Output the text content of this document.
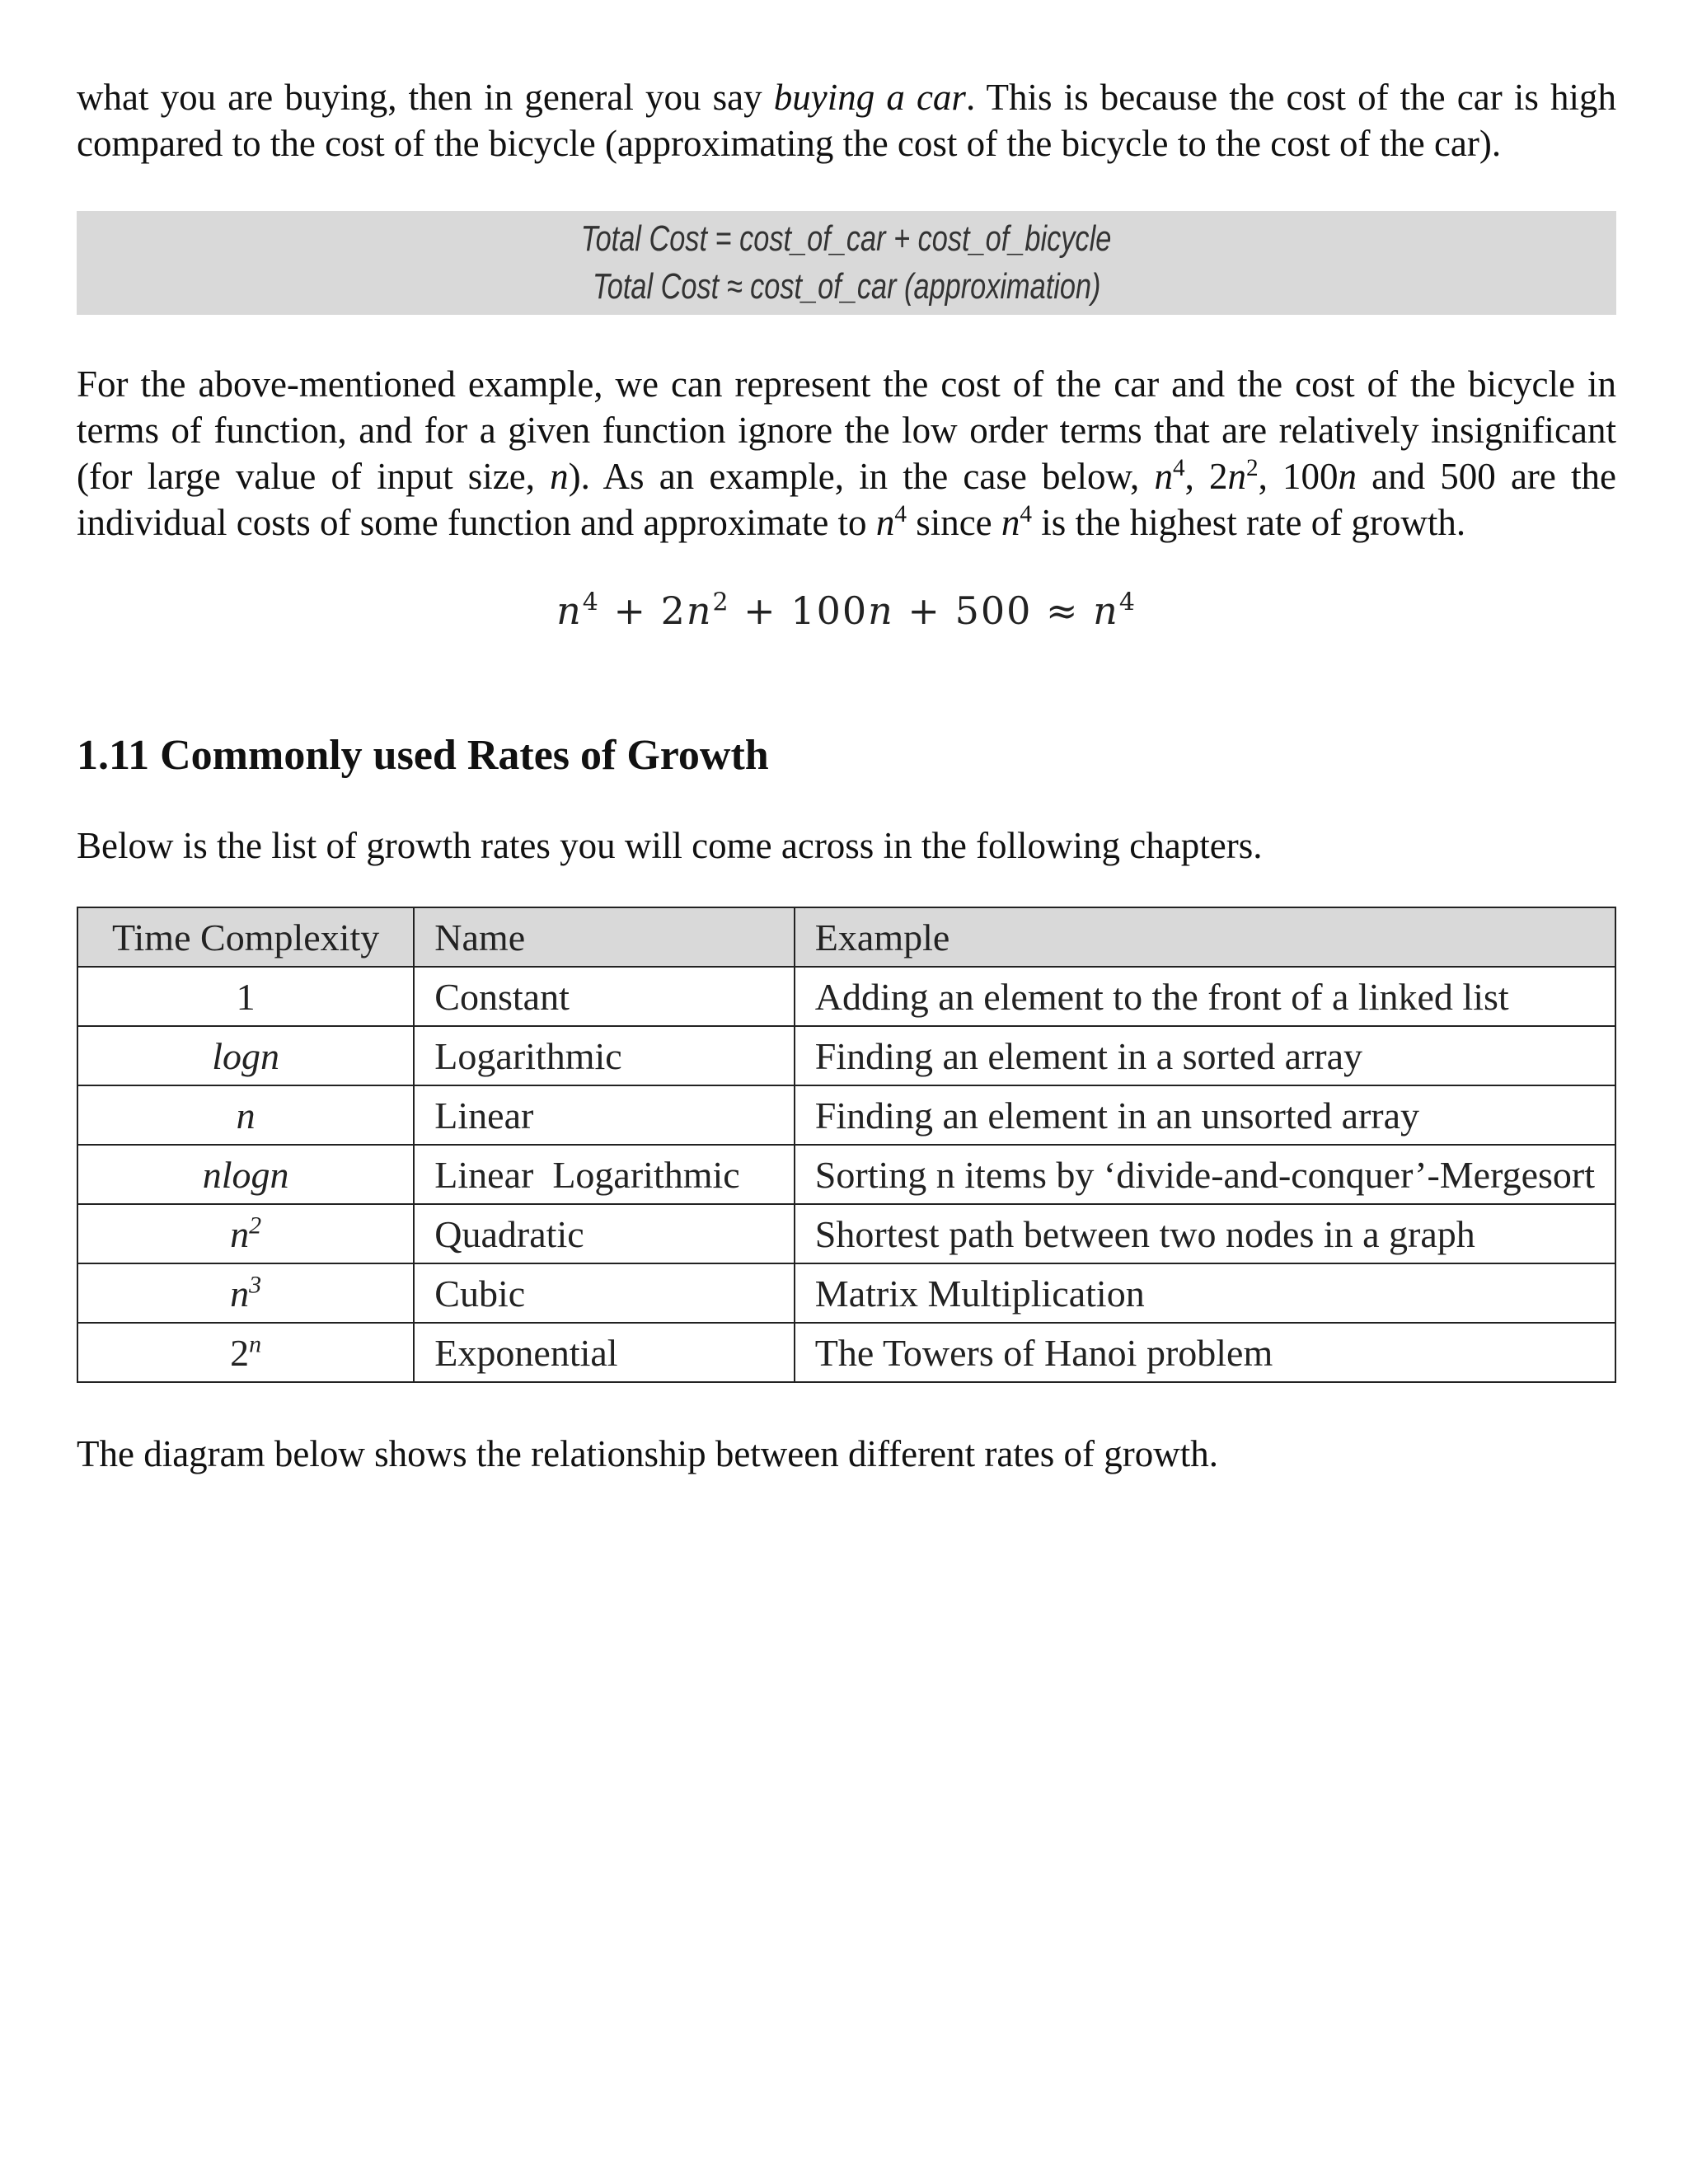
what you are buying, then in general you say buying a car. This is because the cost of the car is high compared to the cost of the bicycle (approximating the cost of the bicycle to the cost of the car).

Total Cost = cost_of_car + cost_of_bicycle
Total Cost ≈ cost_of_car (approximation)

For the above-mentioned example, we can represent the cost of the car and the cost of the bicycle in terms of function, and for a given function ignore the low order terms that are relatively insignificant (for large value of input size, n). As an example, in the case below, $n^4$, $2n^2$, 100n and 500 are the individual costs of some function and approximate to $n^4$ since $n^4$ is the highest rate of growth.

$n^4 + 2n^2 + 100n + 500 \approx n^4$
1.11 Commonly used Rates of Growth

Below is the list of growth rates you will come across in the following chapters.

Time Complexity	Name	Example
1	Constant	Adding an element to the front of a linked list
logn	Logarithmic	Finding an element in a sorted array
n	Linear	Finding an element in an unsorted array
nlogn	Linear  Logarithmic	Sorting n items by ‘divide-and-conquer’-Mergesort
$n^2$	Quadratic	Shortest path between two nodes in a graph
$n^3$	Cubic	Matrix Multiplication
2$^n$	Exponential	The Towers of Hanoi problem

The diagram below shows the relationship between different rates of growth.
